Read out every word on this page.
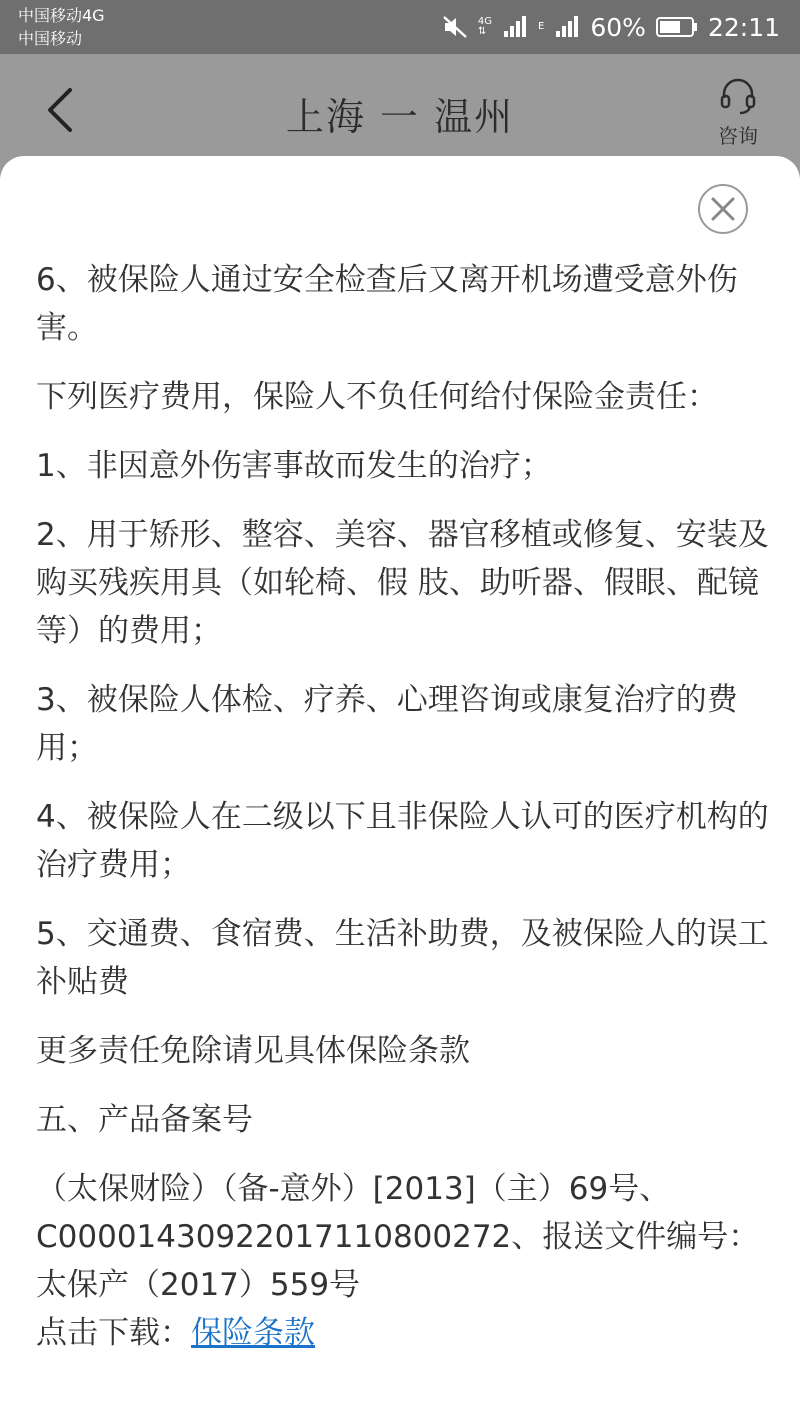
中国移动4G
中国移动
4G
⇅	E 60% 22:11
上海 一 温州	咨询

6、被保险人通过安全检查后又离开机场遭受意外伤害。

下列医疗费用，保险人不负任何给付保险金责任：

1、非因意外伤害事故而发生的治疗；

2、用于矫形、整容、美容、器官移植或修复、安装及购买残疾用具（如轮椅、假 肢、助听器、假眼、配镜等）的费用；

3、被保险人体检、疗养、心理咨询或康复治疗的费用；

4、被保险人在二级以下且非保险人认可的医疗机构的治疗费用；

5、交通费、食宿费、生活补助费，及被保险人的误工补贴费

更多责任免除请见具体保险条款

五、产品备案号

（太保财险）（备-意外）[2013]（主）69号、C00001430922017110800272、报送文件编号：太保产（2017）559号

点击下载：保险条款
